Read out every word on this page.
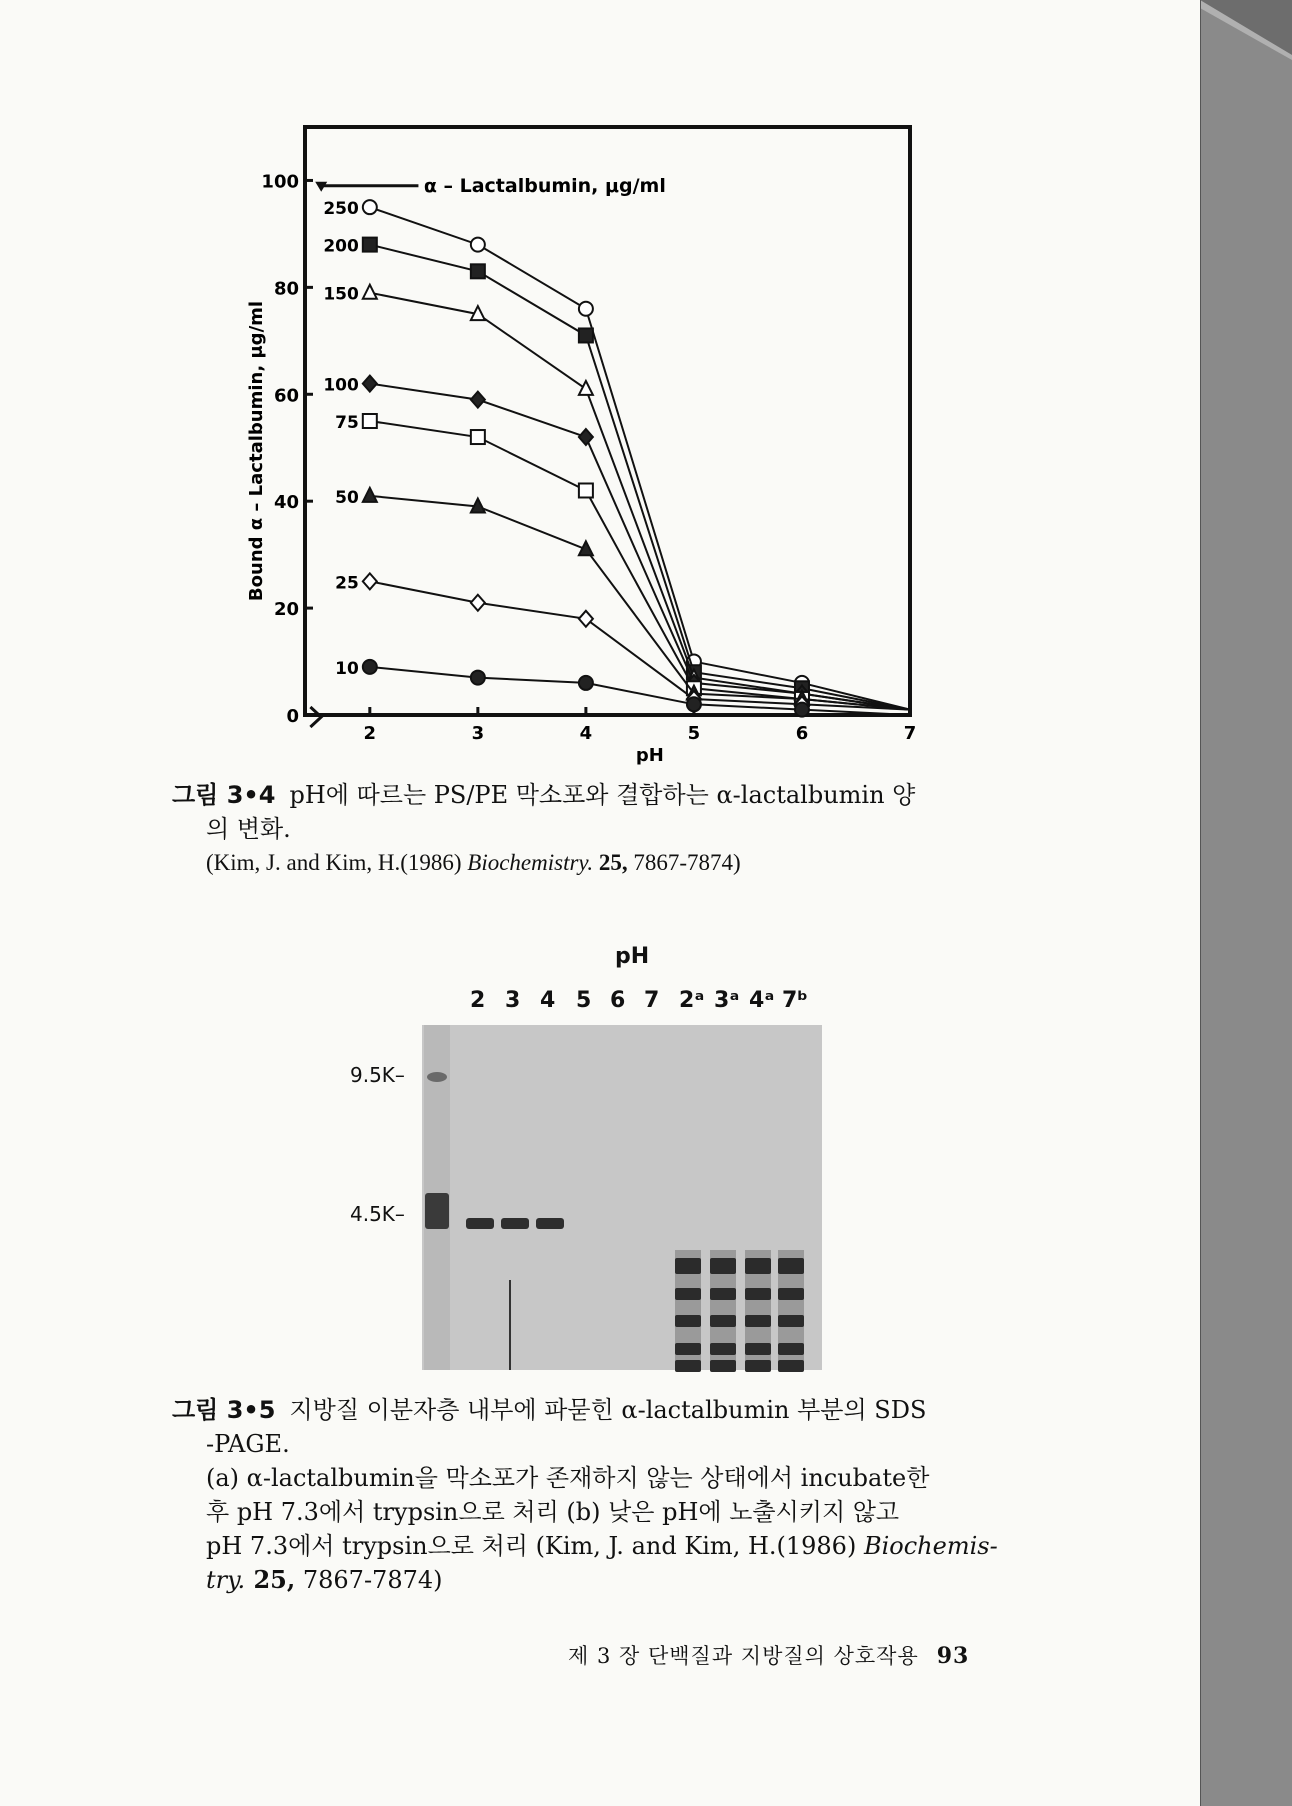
2	3	4	5	6	7
0
20
40
60
80
100
pH
Bound α – Lactalbumin, μg/ml
α – Lactalbumin, μg/ml
250
200
150
100
75
50
25
10
그림 3•4 pH에 따르는 PS/PE 막소포와 결합하는 α-lactalbumin 양
의 변화.
(Kim, J. and Kim, H.(1986) Biochemistry. 25, 7867-7874)
pH
2 3 4 5 6 7 2ᵃ 3ᵃ 4ᵃ 7ᵇ
9.5K–
4.5K–
그림 3•5 지방질 이분자층 내부에 파묻힌 α-lactalbumin 부분의 SDS
-PAGE.
(a) α-lactalbumin을 막소포가 존재하지 않는 상태에서 incubate한
후 pH 7.3에서 trypsin으로 처리 (b) 낮은 pH에 노출시키지 않고
pH 7.3에서 trypsin으로 처리 (Kim, J. and Kim, H.(1986) Biochemis-
try. 25, 7867-7874)
제 3 장 단백질과 지방질의 상호작용 93
